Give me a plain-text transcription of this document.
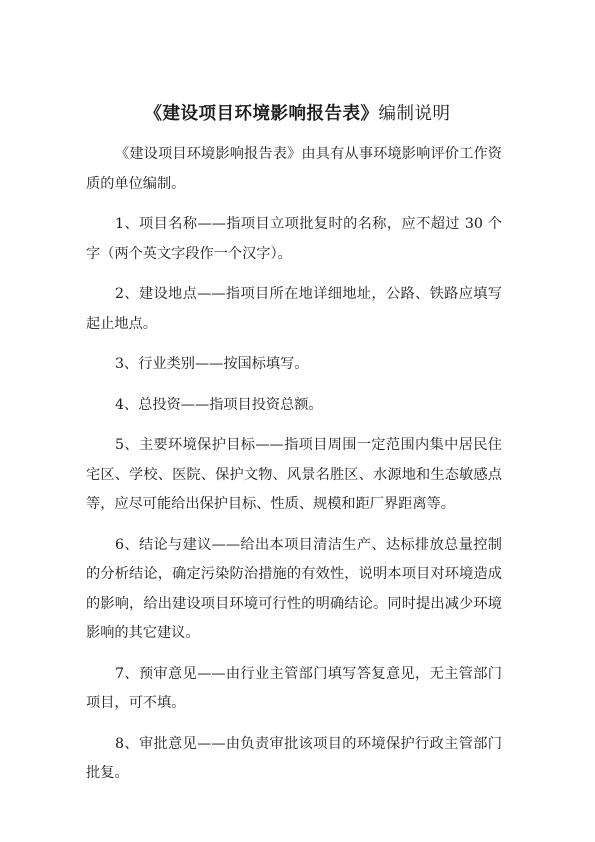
《建设项目环境影响报告表》编制说明

《建设项目环境影响报告表》由具有从事环境影响评价工作资质的单位编制。

1、项目名称——指项目立项批复时的名称，应不超过 30 个字（两个英文字段作一个汉字）。

2、建设地点——指项目所在地详细地址，公路、铁路应填写起止地点。

3、行业类别——按国标填写。

4、总投资——指项目投资总额。

5、主要环境保护目标——指项目周围一定范围内集中居民住宅区、学校、医院、保护文物、风景名胜区、水源地和生态敏感点等，应尽可能给出保护目标、性质、规模和距厂界距离等。

6、结论与建议——给出本项目清洁生产、达标排放总量控制的分析结论，确定污染防治措施的有效性，说明本项目对环境造成的影响，给出建设项目环境可行性的明确结论。同时提出减少环境影响的其它建议。

7、预审意见——由行业主管部门填写答复意见，无主管部门项目，可不填。

8、审批意见——由负责审批该项目的环境保护行政主管部门批复。
